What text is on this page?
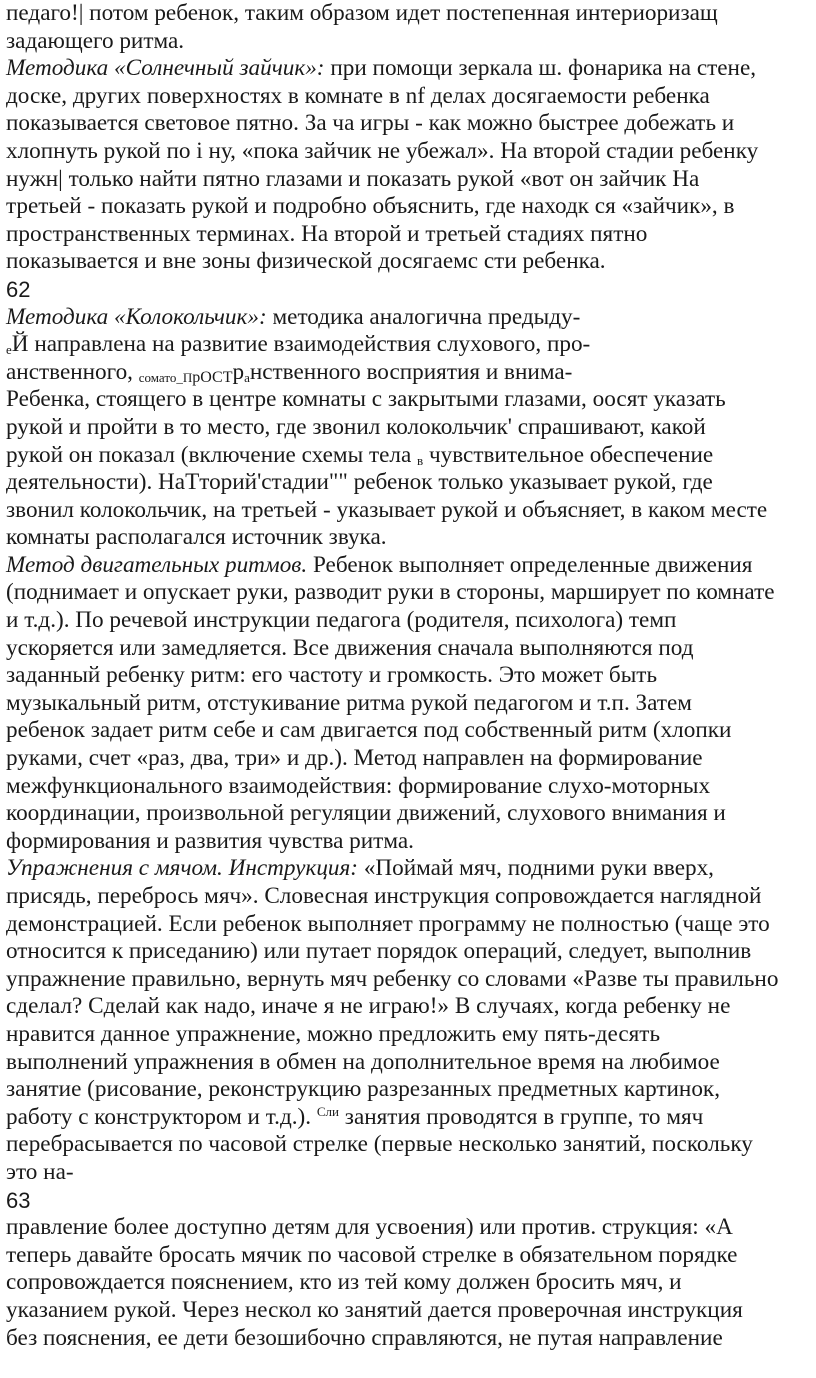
педаго!| потом ребенок, таким образом идет постепенная интериоризащ
задающего ритма.
Методика «Солнечный зайчик»: при помощи зеркала ш. фонарика на стене,
доске, других поверхностях в комнате в nf делах досягаемости ребенка
показывается световое пятно. За ча игры - как можно быстрее добежать и
хлопнуть рукой по i ну, «пока зайчик не убежал». На второй стадии ребенку
нужн| только найти пятно глазами и показать рукой «вот он зайчик На
третьей - показать рукой и подробно объяснить, где находк ся «зайчик», в
пространственных терминах. На второй и третьей стадиях пятно
показывается и вне зоны физической досягаемс сти ребенка.
62
Методика «Колокольчик»: методика аналогична предыду-
еЙ направлена на развитие взаимодействия слухового, про-
анственного, сомато_ПрОСТранственного восприятия и внима-
Ребенка, стоящего в центре комнаты с закрытыми глазами, оосят указать
рукой и пройти в то место, где звонил колокольчик' спрашивают, какой
рукой он показал (включение схемы тела в чувствительное обеспечение
деятельности). НаТторий'стадии"" ребенок только указывает рукой, где
звонил колокольчик, на третьей - указывает рукой и объясняет, в каком месте
комнаты располагался источник звука.
Метод двигательных ритмов. Ребенок выполняет определенные движения
(поднимает и опускает руки, разводит руки в стороны, марширует по комнате
и т.д.). По речевой инструкции педагога (родителя, психолога) темп
ускоряется или замедляется. Все движения сначала выполняются под
заданный ребенку ритм: его частоту и громкость. Это может быть
музыкальный ритм, отстукивание ритма рукой педагогом и т.п. Затем
ребенок задает ритм себе и сам двигается под собственный ритм (хлопки
руками, счет «раз, два, три» и др.). Метод направлен на формирование
межфункционального взаимодействия: формирование слухо-моторных
координации, произвольной регуляции движений, слухового внимания и
формирования и развития чувства ритма.
Упражнения с мячом. Инструкция: «Поймай мяч, подними руки вверх,
присядь, перебрось мяч». Словесная инструкция сопровождается наглядной
демонстрацией. Если ребенок выполняет программу не полностью (чаще это
относится к приседанию) или путает порядок операций, следует, выполнив
упражнение правильно, вернуть мяч ребенку со словами «Разве ты правильно
сделал? Сделай как надо, иначе я не играю!» В случаях, когда ребенку не
нравится данное упражнение, можно предложить ему пять-десять
выполнений упражнения в обмен на дополнительное время на любимое
занятие (рисование, реконструкцию разрезанных предметных картинок,
работу с конструктором и т.д.). $^{Сли}$ занятия проводятся в группе, то мяч
перебрасывается по часовой стрелке (первые несколько занятий, поскольку
это на-
63
правление более доступно детям для усвоения) или против. струкция: «А
теперь давайте бросать мячик по часовой стрелке в обязательном порядке
сопровождается пояснением, кто из тей кому должен бросить мяч, и
указанием рукой. Через нескол ко занятий дается проверочная инструкция
без пояснения, ее дети безошибочно справляются, не путая направление
